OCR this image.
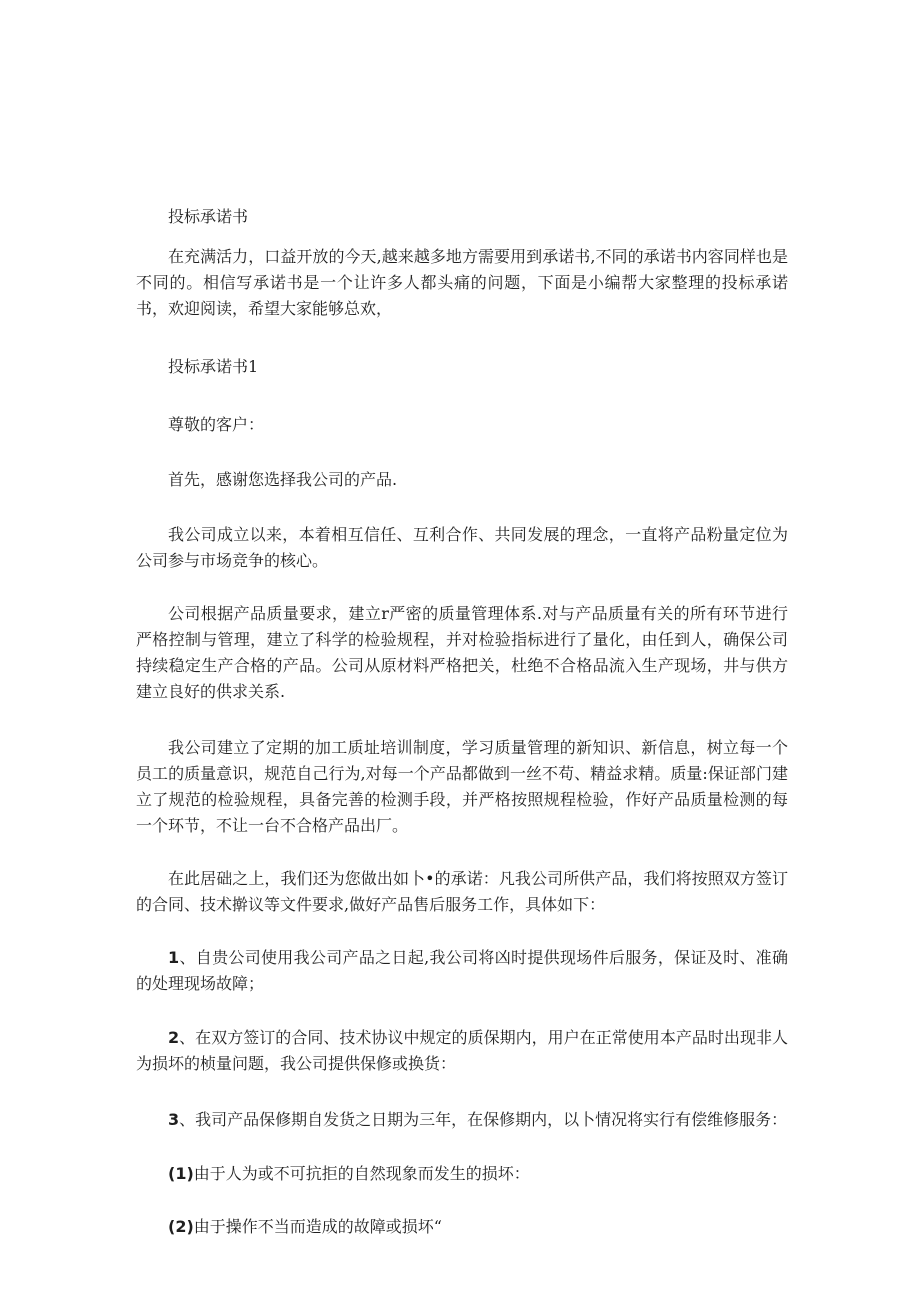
投标承诺书

在充满活力，口益开放的今天,越来越多地方需要用到承诺书,不同的承诺书内容同样也是不同的。相信写承诺书是一个让许多人都头痛的问题，下面是小编帮大家整理的投标承诺书，欢迎阅读，希望大家能够总欢，

投标承诺书1

尊敬的客户：

首先，感谢您选择我公司的产品.

我公司成立以来，本着相互信任、互利合作、共同发展的理念，一直将产品粉量定位为公司参与市场竞争的核心。

公司根据产品质量要求，建立r严密的质量管理体系.对与产品质量有关的所有环节进行严格控制与管理，建立了科学的检验规程，并对检验指标进行了量化，由任到人，确保公司持续稳定生产合格的产品。公司从原材料严格把关，杜绝不合格品流入生产现场，井与供方建立良好的供求关系.

我公司建立了定期的加工质址培训制度，学习质量管理的新知识、新信息，树立每一个员工的质量意识，规范自己行为,对每一个产品都做到一丝不苟、精益求精。质量:保证部门建立了规范的检验规程，具备完善的检测手段，并严格按照规程检验，作好产品质量检测的每一个环节，不让一台不合格产品出厂。

在此居础之上，我们还为您做出如卜•的承诺：凡我公司所供产品，我们将按照双方签订的合同、技术擀议等文件要求,做好产品售后服务工作，具体如下：

1、自贵公司使用我公司产品之日起,我公司将凶时提供现场件后服务，保证及时、准确的处理现场故障；

2、在双方签订的合同、技术协议中规定的质保期内，用户在正常使用本产品时出现非人为损坏的桢量问题，我公司提供保修或换货：

3、我司产品保修期自发货之日期为三年，在保修期内，以卜情况将实行有偿维修服务：

(1)由于人为或不可抗拒的自然现象而发生的损坏：

(2)由于操作不当而造成的故障或损坏“
